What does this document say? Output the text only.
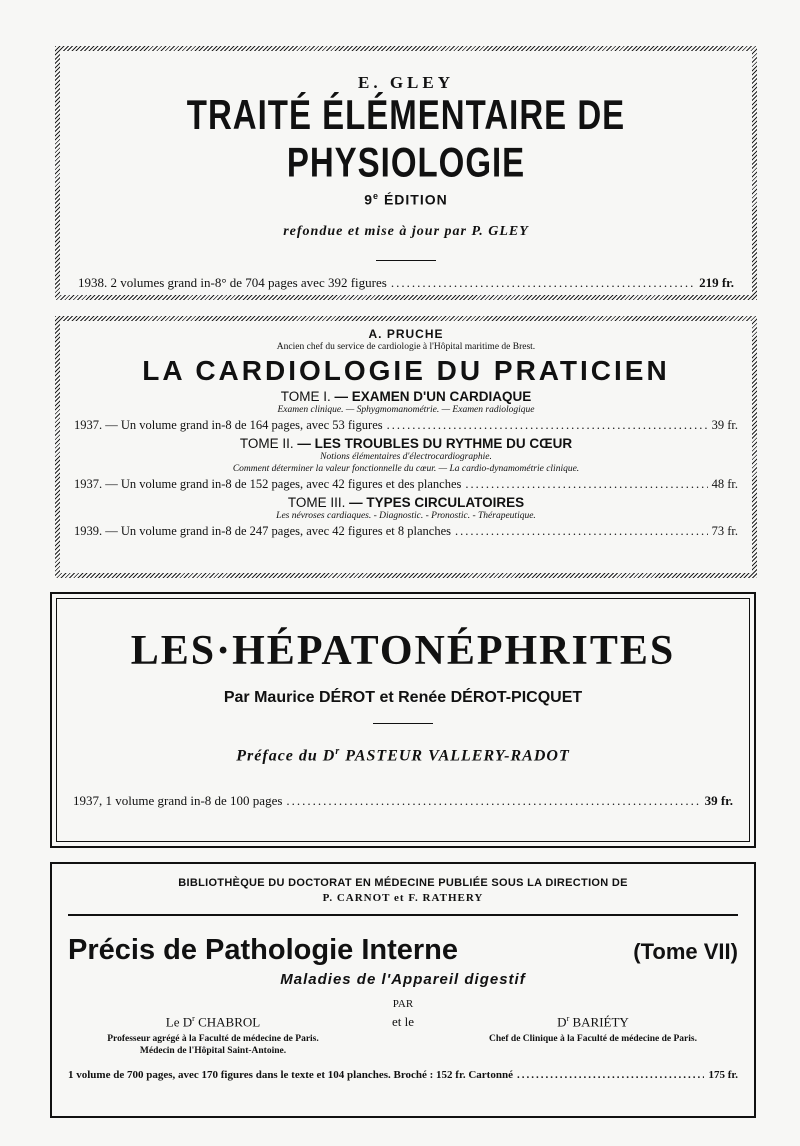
E. GLEY
TRAITÉ ÉLÉMENTAIRE DE PHYSIOLOGIE
9e ÉDITION
refondue et mise à jour par P. GLEY
1938. 2 volumes grand in-8° de 704 pages avec 392 figures .....	219 fr.
A. PRUCHE
Ancien chef du service de cardiologie à l'Hôpital maritime de Brest.
LA CARDIOLOGIE DU PRATICIEN
TOME I. — EXAMEN D'UN CARDIAQUE
Examen clinique. — Sphygmomanométrie. — Examen radiologique
1937. — Un volume grand in-8 de 164 pages, avec 53 figures .....	39 fr.
TOME II. — LES TROUBLES DU RYTHME DU CŒUR
Notions élémentaires d'électrocardiographie.
Comment déterminer la valeur fonctionnelle du cœur. — La cardio-dynamométrie clinique.
1937. — Un volume grand in-8 de 152 pages, avec 42 figures et des planches .....	48 fr.
TOME III. — TYPES CIRCULATOIRES
Les névroses cardiaques. - Diagnostic. - Pronostic. - Thérapeutique.
1939. — Un volume grand in-8 de 247 pages, avec 42 figures et 8 planches .....	73 fr.
LES·HÉPATONÉPHRITES
Par Maurice DÉROT et Renée DÉROT-PICQUET
Préface du $D^r$ PASTEUR VALLERY-RADOT
1937, 1 volume grand in-8 de 100 pages .....	39 fr.
BIBLIOTHÈQUE DU DOCTORAT EN MÉDECINE PUBLIÉE SOUS LA DIRECTION DE
P. CARNOT et F. RATHERY
Précis de Pathologie Interne	(Tome VII)
Maladies de l'Appareil digestif
PAR
Le $D^r$ CHABROL
Professeur agrégé à la Faculté de médecine de Paris.
Médecin de l'Hôpital Saint-Antoine.
et le	$D^r$ BARIÉTY
Chef de Clinique à la Faculté de médecine de Paris.
1 volume de 700 pages, avec 170 figures dans le texte et 104 planches. Broché : 152 fr. Cartonné .....	175 fr.
